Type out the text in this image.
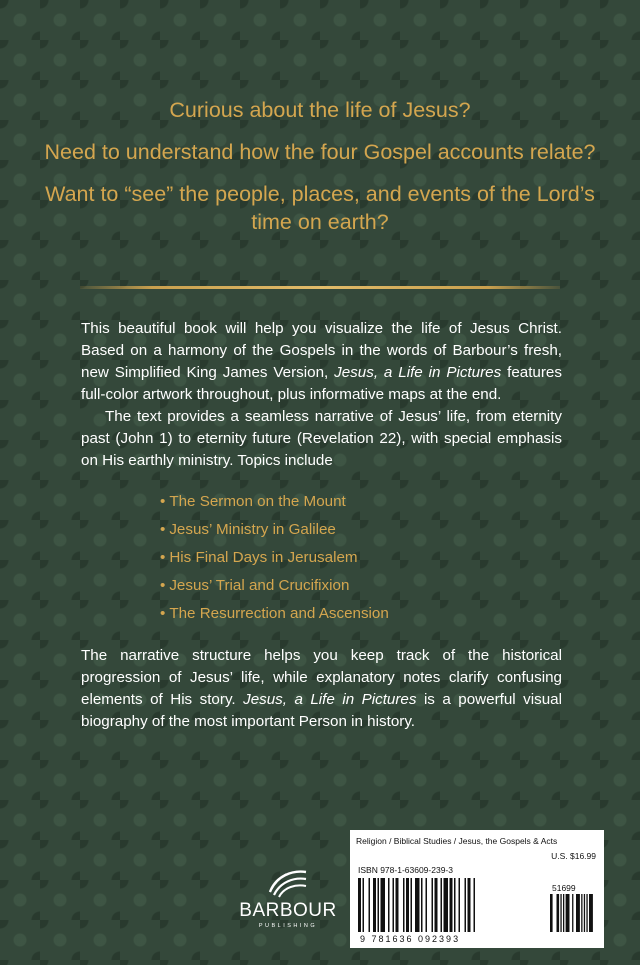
Curious about the life of Jesus?

Need to understand how the four Gospel accounts relate?

Want to “see” the people, places, and events of the Lord’s time on earth?

This beautiful book will help you visualize the life of Jesus Christ. Based on a harmony of the Gospels in the words of Barbour’s fresh, new Simplified King James Version, Jesus, a Life in Pictures features full-color artwork throughout, plus informative maps at the end.

The text provides a seamless narrative of Jesus’ life, from eternity past (John 1) to eternity future (Revelation 22), with special emphasis on His earthly ministry. Topics include

• The Sermon on the Mount
• Jesus’ Ministry in Galilee
• His Final Days in Jerusalem
• Jesus’ Trial and Crucifixion
• The Resurrection and Ascension
The narrative structure helps you keep track of the historical progression of Jesus’ life, while explanatory notes clarify confusing elements of His story. Jesus, a Life in Pictures is a powerful visual biography of the most important Person in history.
BARBOUR
PUBLISHING
Religion / Biblical Studies / Jesus, the Gospels & Acts
U.S. $16.99
ISBN 978-1-63609-239-3
51699
9 781636 092393
